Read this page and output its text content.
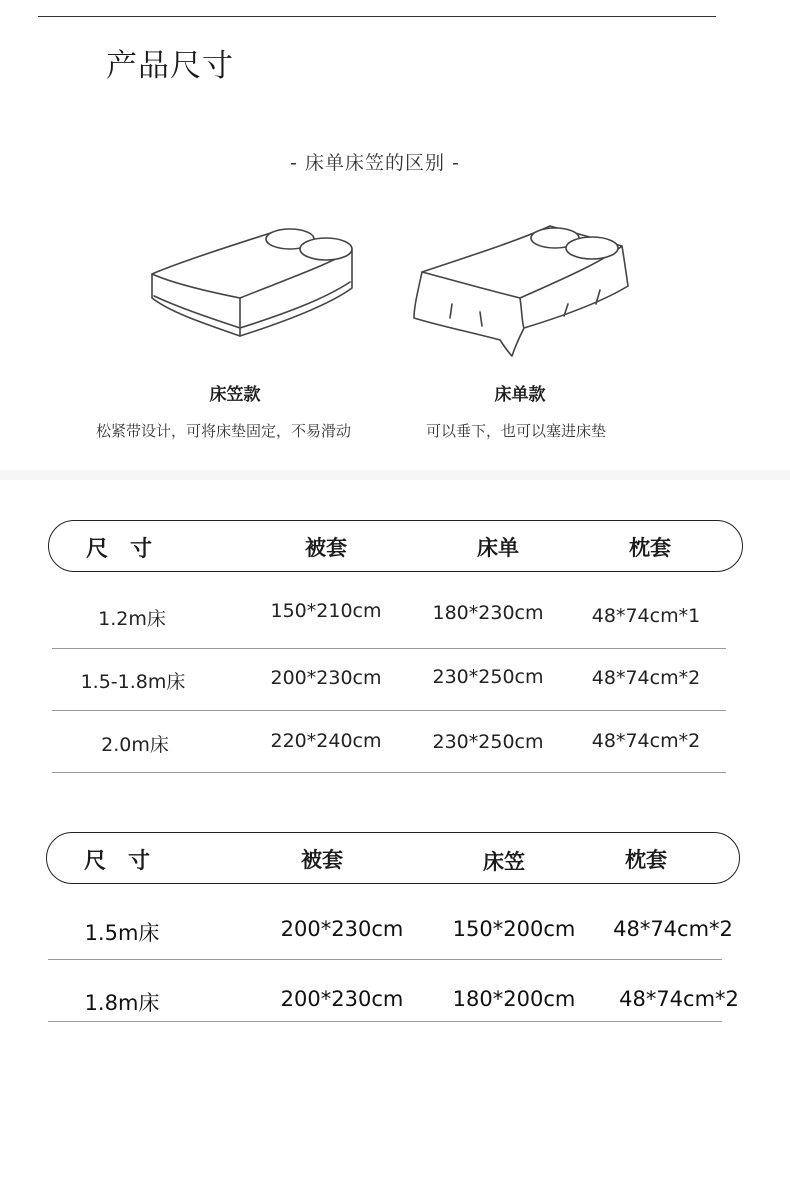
产品尺寸
- 床单床笠的区别 -
床笠款
松紧带设计，可将床垫固定，不易滑动
床单款
可以垂下，也可以塞进床垫
尺　寸	被套	床单	枕套
1.2m床	150*210cm	180*230cm	48*74cm*1
1.5-1.8m床	200*230cm	230*250cm	48*74cm*2
2.0m床	220*240cm	230*250cm	48*74cm*2
尺　寸	被套	床笠	枕套
1.5m床	200*230cm 150*200cm 48*74cm*2
1.8m床	200*230cm 180*200cm 48*74cm*2
